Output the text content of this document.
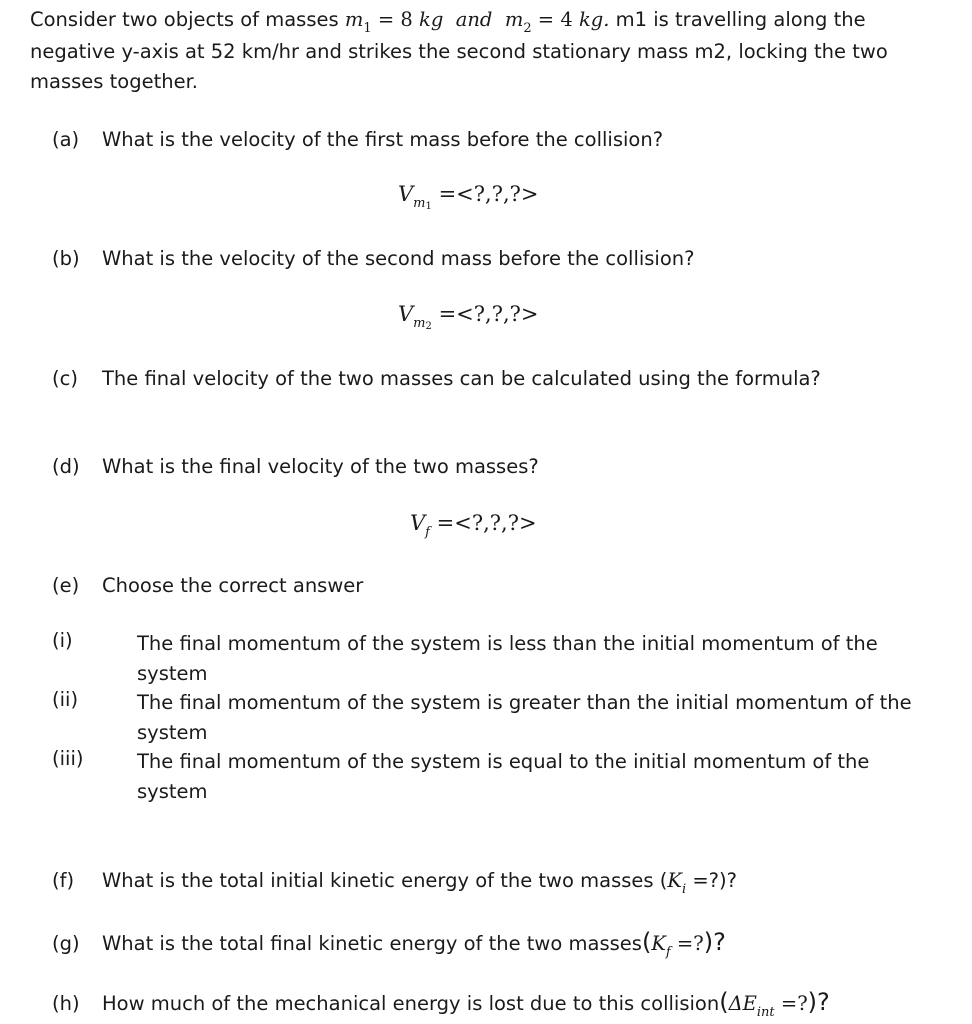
Consider two objects of masses $m_1 = 8$ kg and $m_2 = 4$ kg. m1 is travelling along the
negative y-axis at 52 km/hr and strikes the second stationary mass m2, locking the two
masses together.
(a) What is the velocity of the first mass before the collision?
$V_{m1}$ =<?,?,?>
(b) What is the velocity of the second mass before the collision?
$V_{m2}$ =<?,?,?>
(c) The final velocity of the two masses can be calculated using the formula?
(d) What is the final velocity of the two masses?
$V_f$ =<?,?,?>
(e) Choose the correct answer
(i)	The final momentum of the system is less than the initial momentum of the system
(ii)	The final momentum of the system is greater than the initial momentum of the system
(iii)	The final momentum of the system is equal to the initial momentum of the system
(f) What is the total initial kinetic energy of the two masses ($K_i$ =?)?
(g) What is the total final kinetic energy of the two $masses(K_f$ =?)?
(h) How much of the mechanical energy is lost due to this $collision(\Delta E_{int}$ =?)?
